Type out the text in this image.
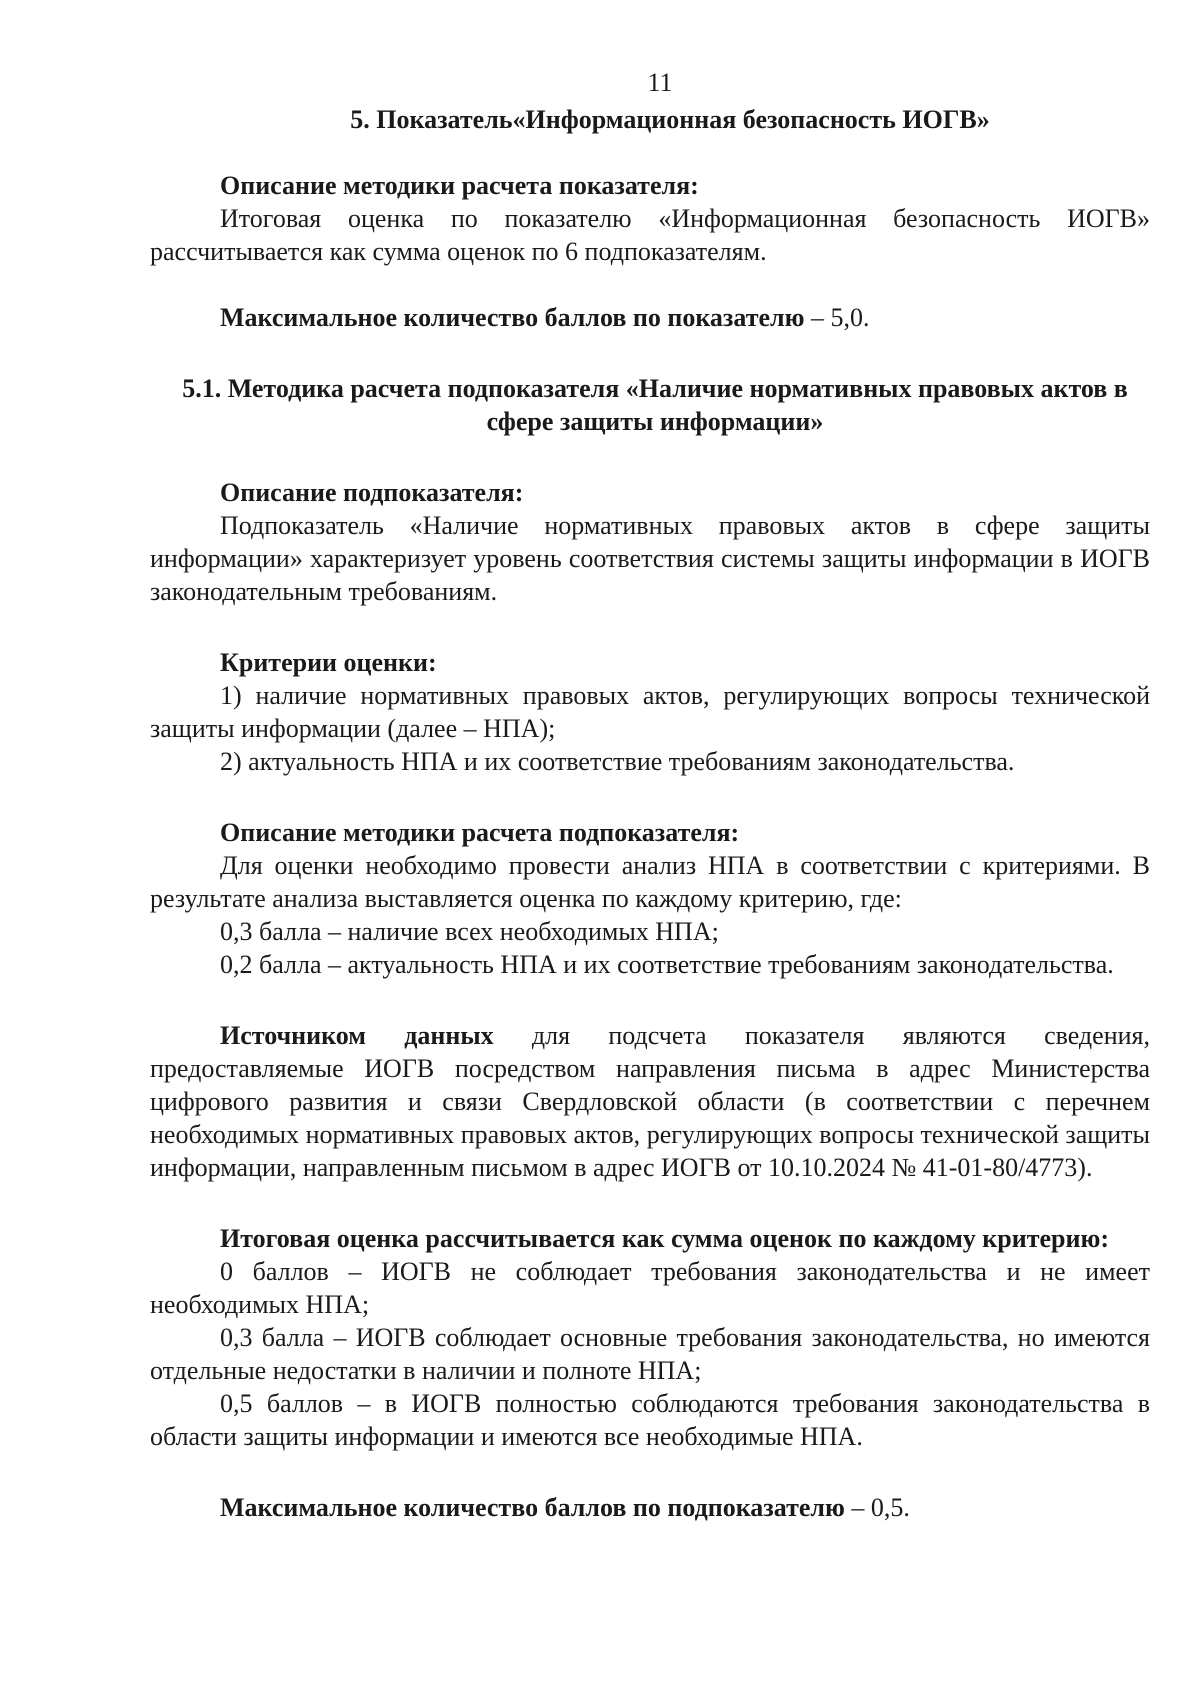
11

5. Показатель«Информационная безопасность ИОГВ»

Описание методики расчета показателя:

Итоговая оценка по показателю «Информационная безопасность ИОГВ» рассчитывается как сумма оценок по 6 подпоказателям.

Максимальное количество баллов по показателю – 5,0.

5.1. Методика расчета подпоказателя «Наличие нормативных правовых актов в сфере защиты информации»

Описание подпоказателя:

Подпоказатель «Наличие нормативных правовых актов в сфере защиты информации» характеризует уровень соответствия системы защиты информации в ИОГВ законодательным требованиям.

Критерии оценки:

1) наличие нормативных правовых актов, регулирующих вопросы технической защиты информации (далее – НПА);

2) актуальность НПА и их соответствие требованиям законодательства.

Описание методики расчета подпоказателя:

Для оценки необходимо провести анализ НПА в соответствии с критериями. В результате анализа выставляется оценка по каждому критерию, где:

0,3 балла – наличие всех необходимых НПА;

0,2 балла – актуальность НПА и их соответствие требованиям законодательства.

Источником данных для подсчета показателя являются сведения, предоставляемые ИОГВ посредством направления письма в адрес Министерства цифрового развития и связи Свердловской области (в соответствии с перечнем необходимых нормативных правовых актов, регулирующих вопросы технической защиты информации, направленным письмом в адрес ИОГВ от 10.10.2024 № 41-01-80/4773).

Итоговая оценка рассчитывается как сумма оценок по каждому критерию:

0 баллов – ИОГВ не соблюдает требования законодательства и не имеет необходимых НПА;

0,3 балла – ИОГВ соблюдает основные требования законодательства, но имеются отдельные недостатки в наличии и полноте НПА;

0,5 баллов – в ИОГВ полностью соблюдаются требования законодательства в области защиты информации и имеются все необходимые НПА.

Максимальное количество баллов по подпоказателю – 0,5.
